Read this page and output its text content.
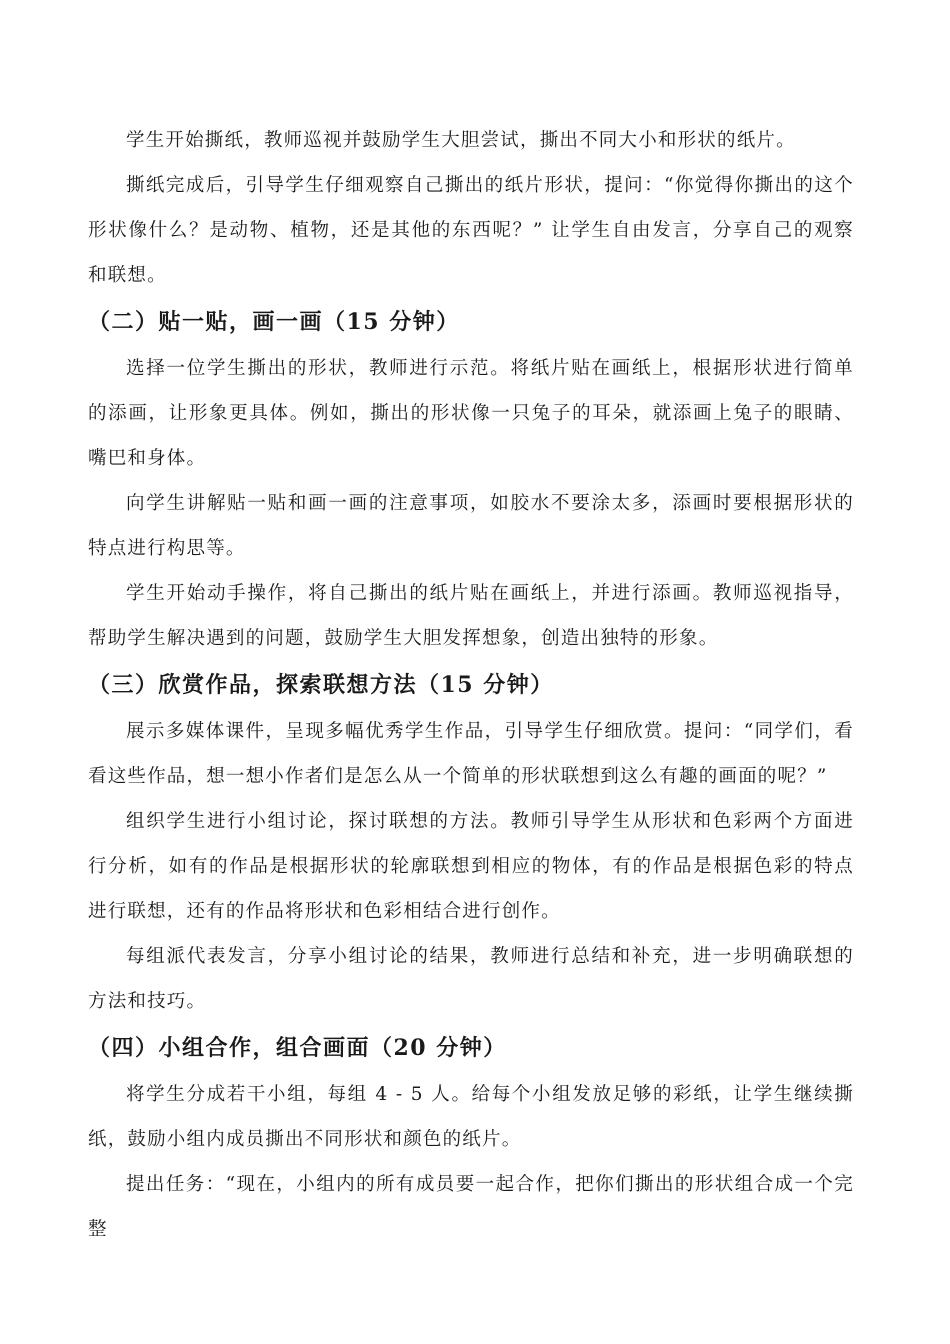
学生开始撕纸，教师巡视并鼓励学生大胆尝试，撕出不同大小和形状的纸片。

撕纸完成后，引导学生仔细观察自己撕出的纸片形状，提问：“你觉得你撕出的这个形状像什么？是动物、植物，还是其他的东西呢？” 让学生自由发言，分享自己的观察和联想。

（二）贴一贴，画一画（15 分钟）

选择一位学生撕出的形状，教师进行示范。将纸片贴在画纸上，根据形状进行简单的添画，让形象更具体。例如，撕出的形状像一只兔子的耳朵，就添画上兔子的眼睛、嘴巴和身体。

向学生讲解贴一贴和画一画的注意事项，如胶水不要涂太多，添画时要根据形状的特点进行构思等。

学生开始动手操作，将自己撕出的纸片贴在画纸上，并进行添画。教师巡视指导，帮助学生解决遇到的问题，鼓励学生大胆发挥想象，创造出独特的形象。

（三）欣赏作品，探索联想方法（15 分钟）

展示多媒体课件，呈现多幅优秀学生作品，引导学生仔细欣赏。提问：“同学们，看看这些作品，想一想小作者们是怎么从一个简单的形状联想到这么有趣的画面的呢？”

组织学生进行小组讨论，探讨联想的方法。教师引导学生从形状和色彩两个方面进行分析，如有的作品是根据形状的轮廓联想到相应的物体，有的作品是根据色彩的特点进行联想，还有的作品将形状和色彩相结合进行创作。

每组派代表发言，分享小组讨论的结果，教师进行总结和补充，进一步明确联想的方法和技巧。

（四）小组合作，组合画面（20 分钟）

将学生分成若干小组，每组 4 - 5 人。给每个小组发放足够的彩纸，让学生继续撕纸，鼓励小组内成员撕出不同形状和颜色的纸片。

提出任务：“现在，小组内的所有成员要一起合作，把你们撕出的形状组合成一个完整
